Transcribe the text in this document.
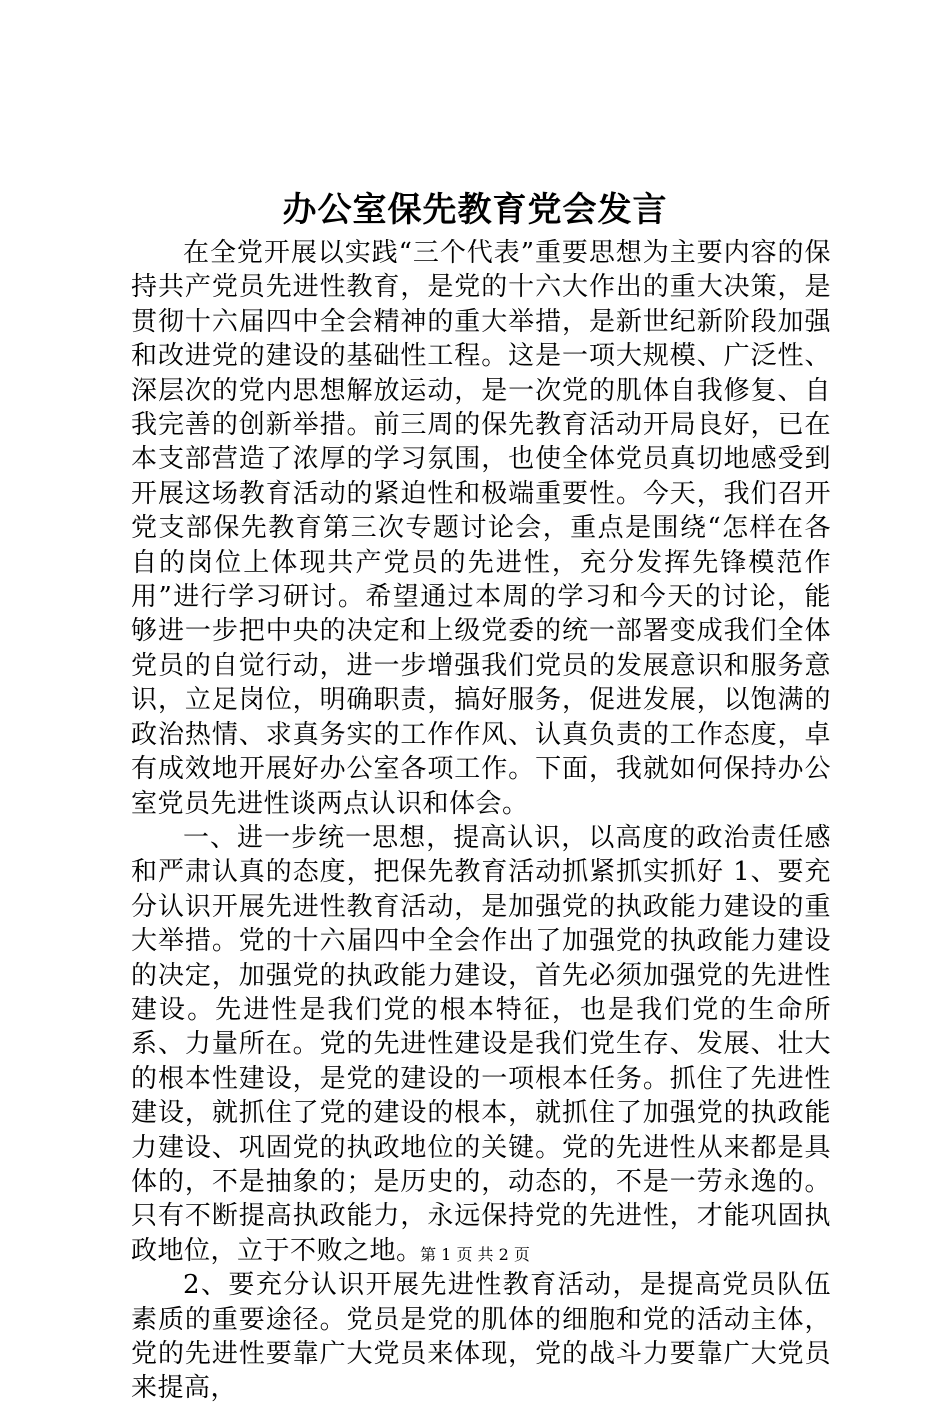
办公室保先教育党会发言

在全党开展以实践“三个代表”重要思想为主要内容的保持共产党员先进性教育，是党的十六大作出的重大决策，是贯彻十六届四中全会精神的重大举措，是新世纪新阶段加强和改进党的建设的基础性工程。这是一项大规模、广泛性、深层次的党内思想解放运动，是一次党的肌体自我修复、自我完善的创新举措。前三周的保先教育活动开局良好，已在本支部营造了浓厚的学习氛围，也使全体党员真切地感受到开展这场教育活动的紧迫性和极端重要性。今天，我们召开党支部保先教育第三次专题讨论会，重点是围绕“怎样在各自的岗位上体现共产党员的先进性，充分发挥先锋模范作用”进行学习研讨。希望通过本周的学习和今天的讨论，能够进一步把中央的决定和上级党委的统一部署变成我们全体党员的自觉行动，进一步增强我们党员的发展意识和服务意识，立足岗位，明确职责，搞好服务，促进发展，以饱满的政治热情、求真务实的工作作风、认真负责的工作态度，卓有成效地开展好办公室各项工作。下面，我就如何保持办公室党员先进性谈两点认识和体会。

一、进一步统一思想，提高认识，以高度的政治责任感和严肃认真的态度，把保先教育活动抓紧抓实抓好 1、要充分认识开展先进性教育活动，是加强党的执政能力建设的重大举措。党的十六届四中全会作出了加强党的执政能力建设的决定，加强党的执政能力建设，首先必须加强党的先进性建设。先进性是我们党的根本特征，也是我们党的生命所系、力量所在。党的先进性建设是我们党生存、发展、壮大的根本性建设，是党的建设的一项根本任务。抓住了先进性建设，就抓住了党的建设的根本，就抓住了加强党的执政能力建设、巩固党的执政地位的关键。党的先进性从来都是具体的，不是抽象的；是历史的，动态的，不是一劳永逸的。只有不断提高执政能力，永远保持党的先进性，才能巩固执政地位，立于不败之地。

2、要充分认识开展先进性教育活动，是提高党员队伍素质的重要途径。党员是党的肌体的细胞和党的活动主体，党的先进性要靠广大党员来体现，党的战斗力要靠广大党员来提高，

第 1 页 共 2 页
